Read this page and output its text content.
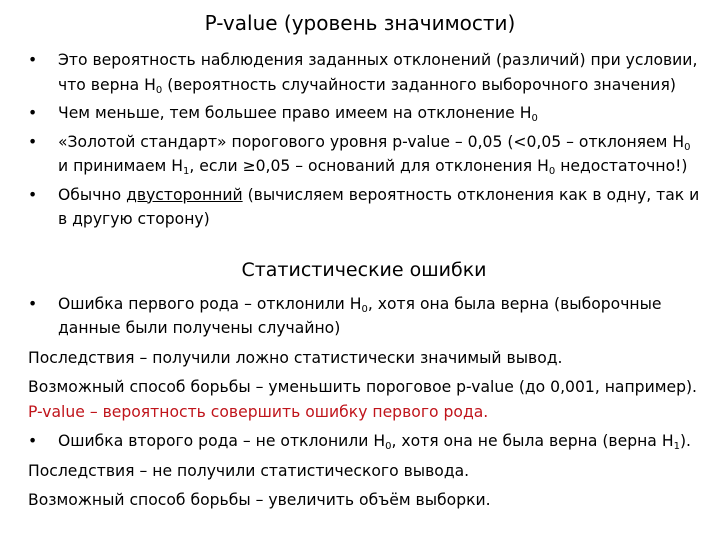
P-value (уровень значимости)
•	Это вероятность наблюдения заданных отклонений (различий) при условии, что верна $H_0$ (вероятность случайности заданного выборочного значения)
•	Чем меньше, тем большее право имеем на отклонение $H_0$
•	«Золотой стандарт» порогового уровня p-value – 0,05 (<0,05 – отклоняем $H_0$ и принимаем $H_1$, если ≥0,05 – оснований для отклонения $H_0$ недостаточно!)
•	Обычно двусторонний (вычисляем вероятность отклонения как в одну, так и в другую сторону)
Статистические ошибки
•	Ошибка первого рода – отклонили $H_0$, хотя она была верна (выборочные данные были получены случайно)
Последствия – получили ложно статистически значимый вывод.
Возможный способ борьбы – уменьшить пороговое p-value (до 0,001, например). P-value – вероятность совершить ошибку первого рода.
•	Ошибка второго рода – не отклонили $H_0$, хотя она не была верна (верна $H_1$).
Последствия – не получили статистического вывода.
Возможный способ борьбы – увеличить объём выборки.
